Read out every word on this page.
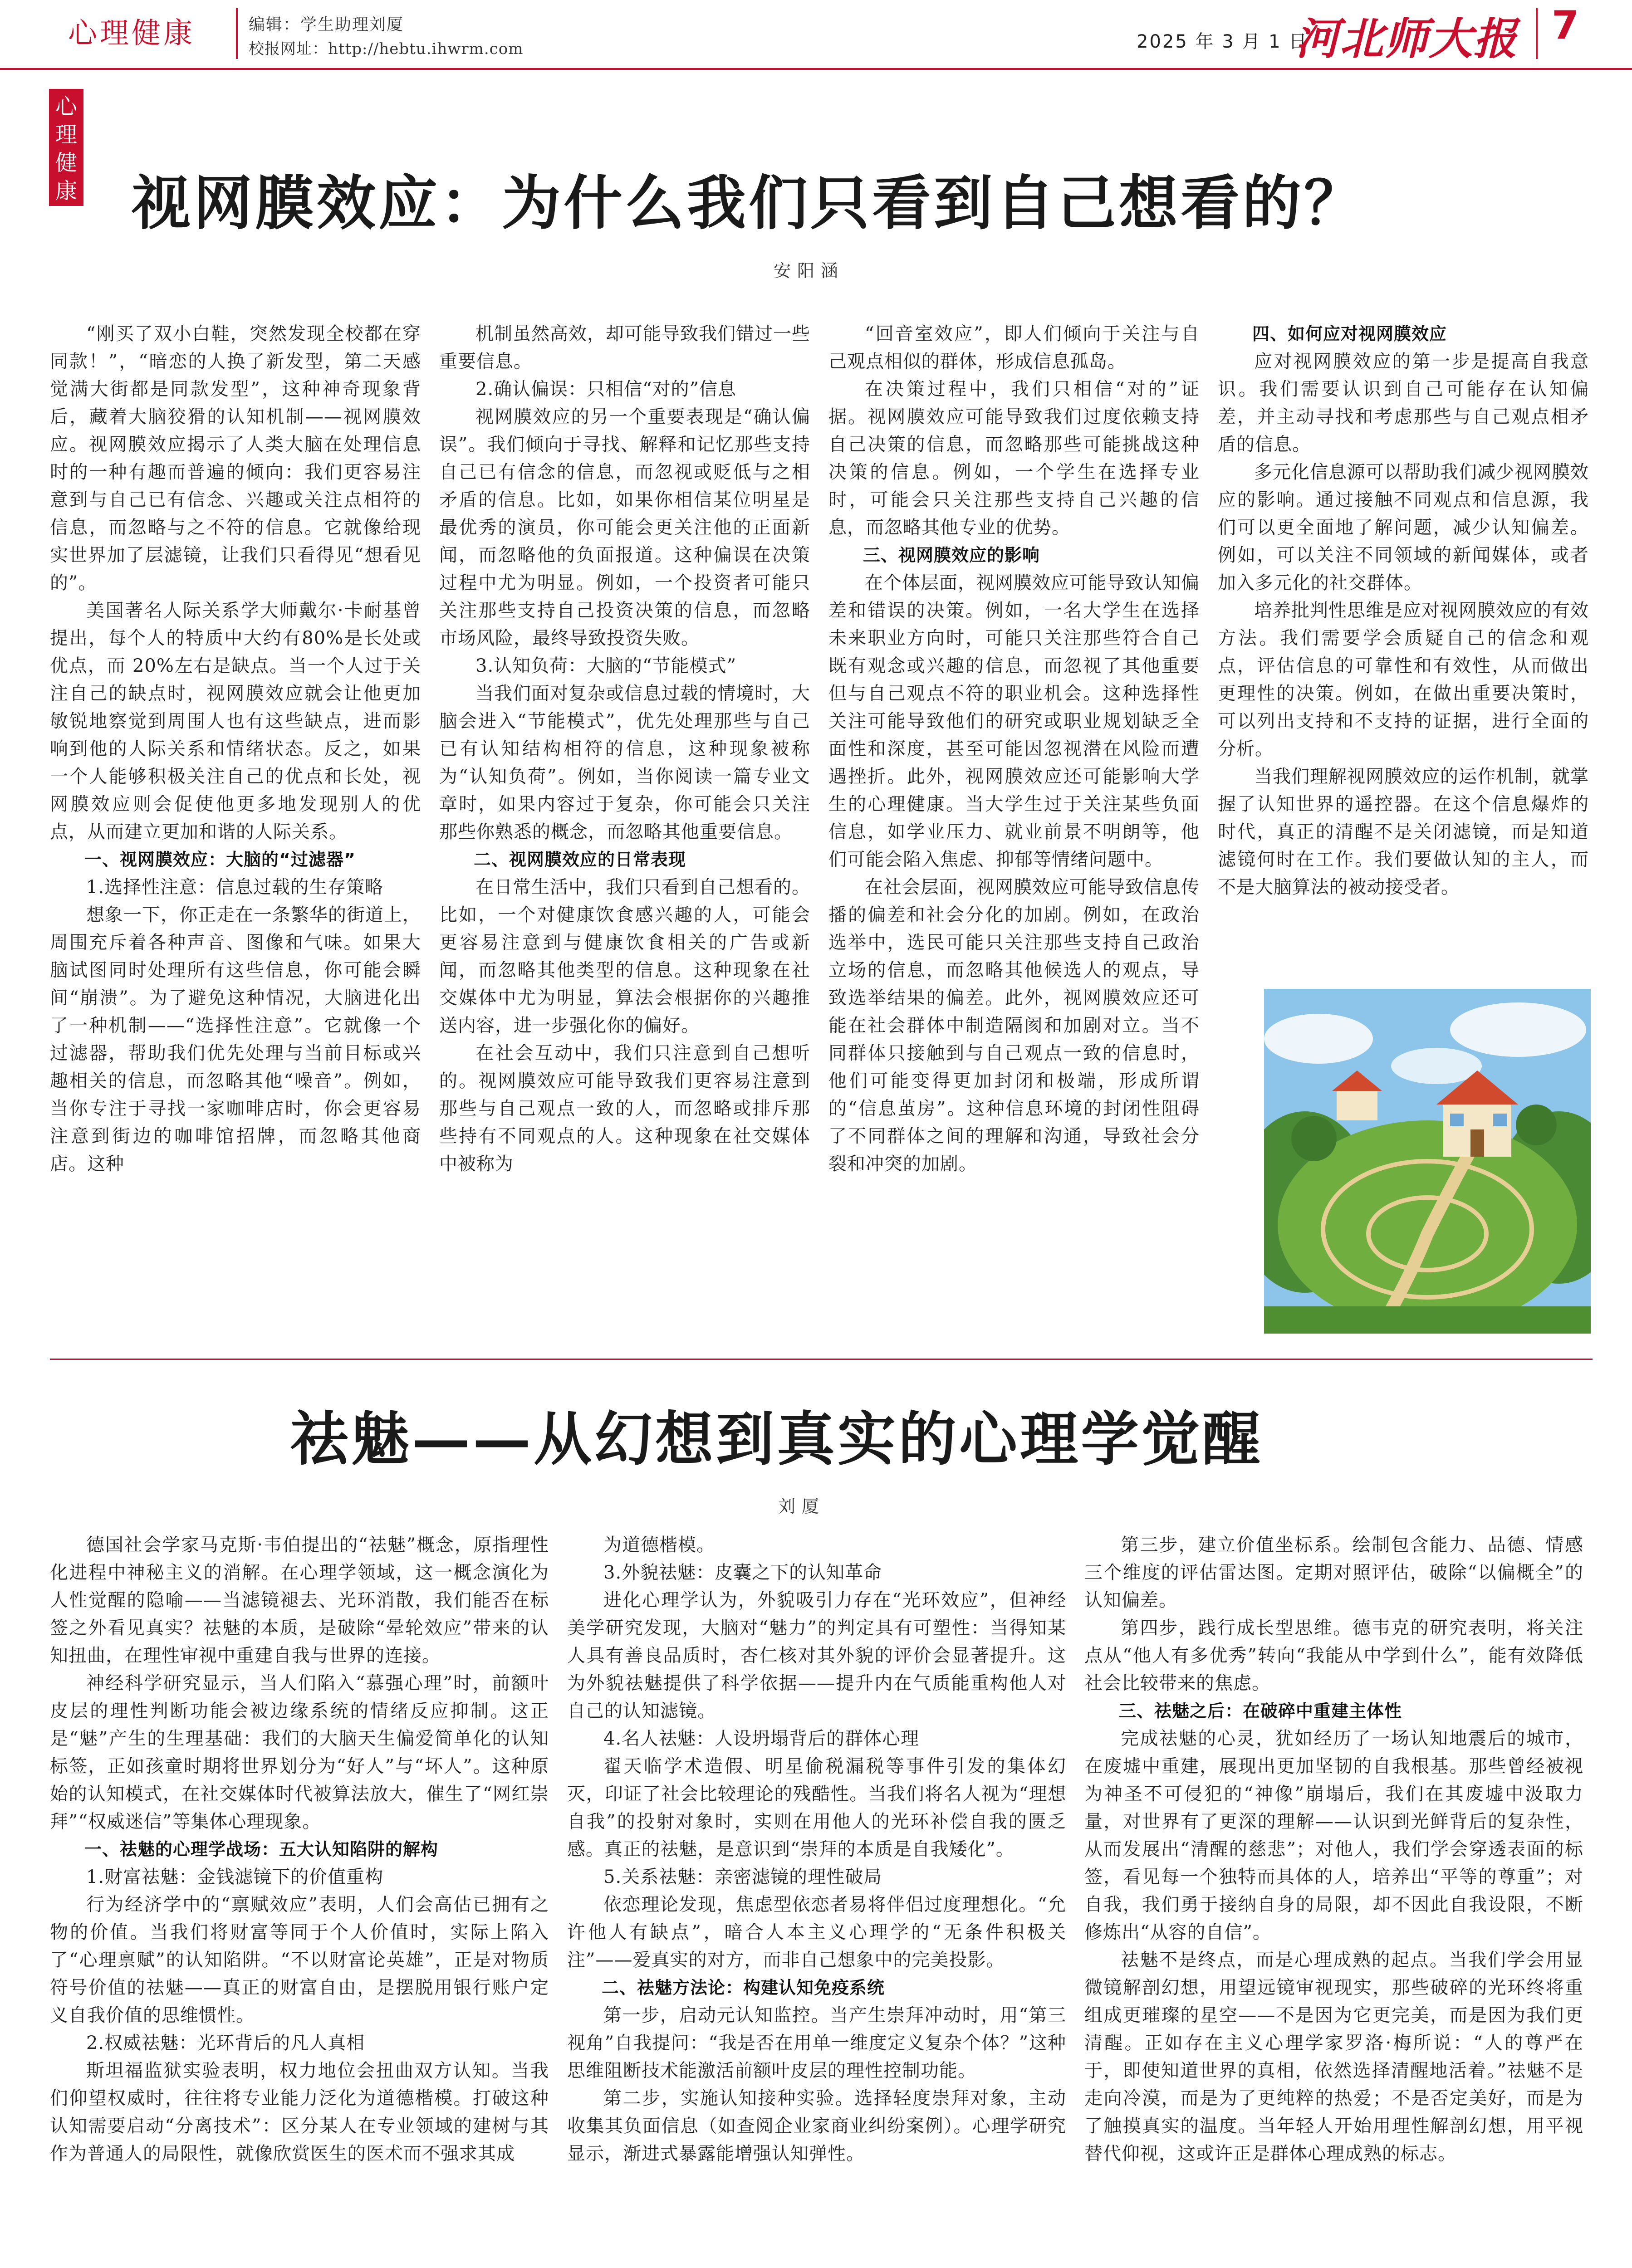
心理健康	编辑：学生助理刘厦
校报网址：http://hebtu.ihwrm.com	2025 年 3 月 1 日
河北师大报 7
心理健康 视网膜效应：为什么我们只看到自己想看的？
安阳涵

“刚买了双小白鞋，突然发现全校都在穿同款！”，“暗恋的人换了新发型，第二天感觉满大街都是同款发型”，这种神奇现象背后，藏着大脑狡猾的认知机制——视网膜效应。视网膜效应揭示了人类大脑在处理信息时的一种有趣而普遍的倾向：我们更容易注意到与自己已有信念、兴趣或关注点相符的信息，而忽略与之不符的信息。它就像给现实世界加了层滤镜，让我们只看得见“想看见的”。

美国著名人际关系学大师戴尔·卡耐基曾提出，每个人的特质中大约有80%是长处或优点，而 20%左右是缺点。当一个人过于关注自己的缺点时，视网膜效应就会让他更加敏锐地察觉到周围人也有这些缺点，进而影响到他的人际关系和情绪状态。反之，如果一个人能够积极关注自己的优点和长处，视网膜效应则会促使他更多地发现别人的优点，从而建立更加和谐的人际关系。

一、视网膜效应：大脑的“过滤器”

1.选择性注意：信息过载的生存策略

想象一下，你正走在一条繁华的街道上，周围充斥着各种声音、图像和气味。如果大脑试图同时处理所有这些信息，你可能会瞬间“崩溃”。为了避免这种情况，大脑进化出了一种机制——“选择性注意”。它就像一个过滤器，帮助我们优先处理与当前目标或兴趣相关的信息，而忽略其他“噪音”。例如，当你专注于寻找一家咖啡店时，你会更容易注意到街边的咖啡馆招牌，而忽略其他商店。这种

机制虽然高效，却可能导致我们错过一些重要信息。

2.确认偏误：只相信“对的”信息

视网膜效应的另一个重要表现是“确认偏误”。我们倾向于寻找、解释和记忆那些支持自己已有信念的信息，而忽视或贬低与之相矛盾的信息。比如，如果你相信某位明星是最优秀的演员，你可能会更关注他的正面新闻，而忽略他的负面报道。这种偏误在决策过程中尤为明显。例如，一个投资者可能只关注那些支持自己投资决策的信息，而忽略市场风险，最终导致投资失败。

3.认知负荷：大脑的“节能模式”

当我们面对复杂或信息过载的情境时，大脑会进入“节能模式”，优先处理那些与自己已有认知结构相符的信息，这种现象被称为“认知负荷”。例如，当你阅读一篇专业文章时，如果内容过于复杂，你可能会只关注那些你熟悉的概念，而忽略其他重要信息。

二、视网膜效应的日常表现

在日常生活中，我们只看到自己想看的。比如，一个对健康饮食感兴趣的人，可能会更容易注意到与健康饮食相关的广告或新闻，而忽略其他类型的信息。这种现象在社交媒体中尤为明显，算法会根据你的兴趣推送内容，进一步强化你的偏好。

在社会互动中，我们只注意到自己想听的。视网膜效应可能导致我们更容易注意到那些与自己观点一致的人，而忽略或排斥那些持有不同观点的人。这种现象在社交媒体中被称为

“回音室效应”，即人们倾向于关注与自己观点相似的群体，形成信息孤岛。

在决策过程中，我们只相信“对的”证据。视网膜效应可能导致我们过度依赖支持自己决策的信息，而忽略那些可能挑战这种决策的信息。例如，一个学生在选择专业时，可能会只关注那些支持自己兴趣的信息，而忽略其他专业的优势。

三、视网膜效应的影响

在个体层面，视网膜效应可能导致认知偏差和错误的决策。例如，一名大学生在选择未来职业方向时，可能只关注那些符合自己既有观念或兴趣的信息，而忽视了其他重要但与自己观点不符的职业机会。这种选择性关注可能导致他们的研究或职业规划缺乏全面性和深度，甚至可能因忽视潜在风险而遭遇挫折。此外，视网膜效应还可能影响大学生的心理健康。当大学生过于关注某些负面信息，如学业压力、就业前景不明朗等，他们可能会陷入焦虑、抑郁等情绪问题中。

在社会层面，视网膜效应可能导致信息传播的偏差和社会分化的加剧。例如，在政治选举中，选民可能只关注那些支持自己政治立场的信息，而忽略其他候选人的观点，导致选举结果的偏差。此外，视网膜效应还可能在社会群体中制造隔阂和加剧对立。当不同群体只接触到与自己观点一致的信息时，他们可能变得更加封闭和极端，形成所谓的“信息茧房”。这种信息环境的封闭性阻碍了不同群体之间的理解和沟通，导致社会分裂和冲突的加剧。

四、如何应对视网膜效应

应对视网膜效应的第一步是提高自我意识。我们需要认识到自己可能存在认知偏差，并主动寻找和考虑那些与自己观点相矛盾的信息。

多元化信息源可以帮助我们减少视网膜效应的影响。通过接触不同观点和信息源，我们可以更全面地了解问题，减少认知偏差。例如，可以关注不同领域的新闻媒体，或者加入多元化的社交群体。

培养批判性思维是应对视网膜效应的有效方法。我们需要学会质疑自己的信念和观点，评估信息的可靠性和有效性，从而做出更理性的决策。例如，在做出重要决策时，可以列出支持和不支持的证据，进行全面的分析。

当我们理解视网膜效应的运作机制，就掌握了认知世界的遥控器。在这个信息爆炸的时代，真正的清醒不是关闭滤镜，而是知道滤镜何时在工作。我们要做认知的主人，而不是大脑算法的被动接受者。

祛魅——从幻想到真实的心理学觉醒
刘厦

德国社会学家马克斯·韦伯提出的“祛魅”概念，原指理性化进程中神秘主义的消解。在心理学领域，这一概念演化为人性觉醒的隐喻——当滤镜褪去、光环消散，我们能否在标签之外看见真实？祛魅的本质，是破除“晕轮效应”带来的认知扭曲，在理性审视中重建自我与世界的连接。

神经科学研究显示，当人们陷入“慕强心理”时，前额叶皮层的理性判断功能会被边缘系统的情绪反应抑制。这正是“魅”产生的生理基础：我们的大脑天生偏爱简单化的认知标签，正如孩童时期将世界划分为“好人”与“坏人”。这种原始的认知模式，在社交媒体时代被算法放大，催生了“网红崇拜”“权威迷信”等集体心理现象。

一、祛魅的心理学战场：五大认知陷阱的解构

1.财富祛魅：金钱滤镜下的价值重构

行为经济学中的“禀赋效应”表明，人们会高估已拥有之物的价值。当我们将财富等同于个人价值时，实际上陷入了“心理禀赋”的认知陷阱。“不以财富论英雄”，正是对物质符号价值的祛魅——真正的财富自由，是摆脱用银行账户定义自我价值的思维惯性。

2.权威祛魅：光环背后的凡人真相

斯坦福监狱实验表明，权力地位会扭曲双方认知。当我们仰望权威时，往往将专业能力泛化为道德楷模。打破这种认知需要启动“分离技术”：区分某人在专业领域的建树与其作为普通人的局限性，就像欣赏医生的医术而不强求其成

为道德楷模。

3.外貌祛魅：皮囊之下的认知革命

进化心理学认为，外貌吸引力存在“光环效应”，但神经美学研究发现，大脑对“魅力”的判定具有可塑性：当得知某人具有善良品质时，杏仁核对其外貌的评价会显著提升。这为外貌祛魅提供了科学依据——提升内在气质能重构他人对自己的认知滤镜。

4.名人祛魅：人设坍塌背后的群体心理

翟天临学术造假、明星偷税漏税等事件引发的集体幻灭，印证了社会比较理论的残酷性。当我们将名人视为“理想自我”的投射对象时，实则在用他人的光环补偿自我的匮乏感。真正的祛魅，是意识到“崇拜的本质是自我矮化”。

5.关系祛魅：亲密滤镜的理性破局

依恋理论发现，焦虑型依恋者易将伴侣过度理想化。“允许他人有缺点”，暗合人本主义心理学的“无条件积极关注”——爱真实的对方，而非自己想象中的完美投影。

二、祛魅方法论：构建认知免疫系统

第一步，启动元认知监控。当产生崇拜冲动时，用“第三视角”自我提问：“我是否在用单一维度定义复杂个体？”这种思维阻断技术能激活前额叶皮层的理性控制功能。

第二步，实施认知接种实验。选择轻度崇拜对象，主动收集其负面信息（如查阅企业家商业纠纷案例）。心理学研究显示，渐进式暴露能增强认知弹性。

第三步，建立价值坐标系。绘制包含能力、品德、情感三个维度的评估雷达图。定期对照评估，破除“以偏概全”的认知偏差。

第四步，践行成长型思维。德韦克的研究表明，将关注点从“他人有多优秀”转向“我能从中学到什么”，能有效降低社会比较带来的焦虑。

三、祛魅之后：在破碎中重建主体性

完成祛魅的心灵，犹如经历了一场认知地震后的城市，在废墟中重建，展现出更加坚韧的自我根基。那些曾经被视为神圣不可侵犯的“神像”崩塌后，我们在其废墟中汲取力量，对世界有了更深的理解——认识到光鲜背后的复杂性，从而发展出“清醒的慈悲”；对他人，我们学会穿透表面的标签，看见每一个独特而具体的人，培养出“平等的尊重”；对自我，我们勇于接纳自身的局限，却不因此自我设限，不断修炼出“从容的自信”。

祛魅不是终点，而是心理成熟的起点。当我们学会用显微镜解剖幻想，用望远镜审视现实，那些破碎的光环终将重组成更璀璨的星空——不是因为它更完美，而是因为我们更清醒。正如存在主义心理学家罗洛·梅所说：“人的尊严在于，即使知道世界的真相，依然选择清醒地活着。”祛魅不是走向冷漠，而是为了更纯粹的热爱；不是否定美好，而是为了触摸真实的温度。当年轻人开始用理性解剖幻想，用平视替代仰视，这或许正是群体心理成熟的标志。
